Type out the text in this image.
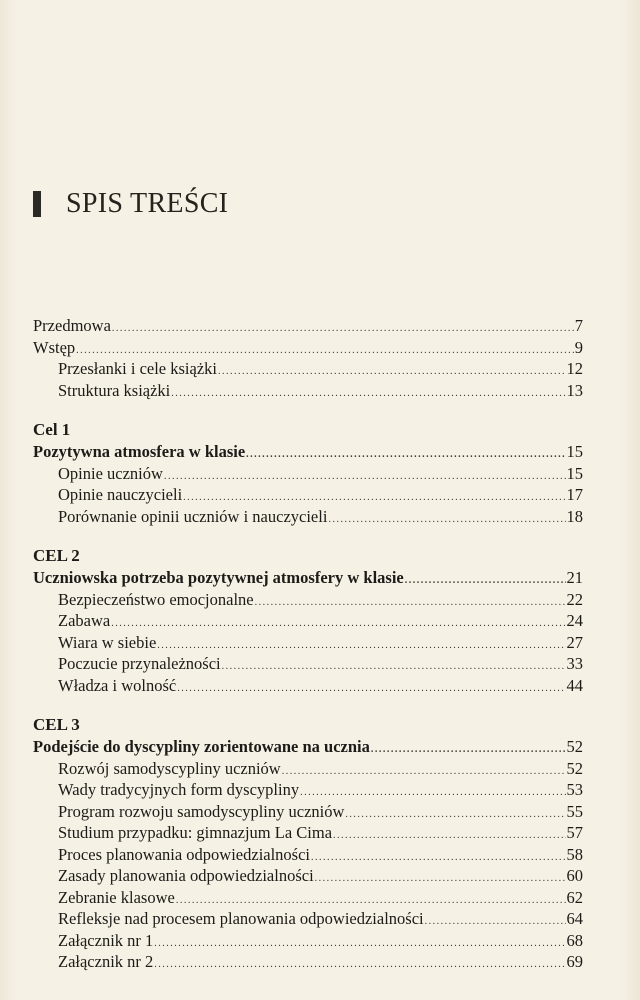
SPIS TREŚCI
Przedmowa .....	7
Wstęp .....	9
Przesłanki i cele książki .....	12
Struktura książki .....	13
Cel 1
Pozytywna atmosfera w klasie .....	15
Opinie uczniów .....	15
Opinie nauczycieli .....	17
Porównanie opinii uczniów i nauczycieli .....	18
CEL 2
Uczniowska potrzeba pozytywnej atmosfery w klasie .....	21
Bezpieczeństwo emocjonalne .....	22
Zabawa .....	24
Wiara w siebie .....	27
Poczucie przynależności .....	33
Władza i wolność .....	44
CEL 3
Podejście do dyscypliny zorientowane na ucznia .....	52
Rozwój samodyscypliny uczniów .....	52
Wady tradycyjnych form dyscypliny .....	53
Program rozwoju samodyscypliny uczniów .....	55
Studium przypadku: gimnazjum La Cima .....	57
Proces planowania odpowiedzialności .....	58
Zasady planowania odpowiedzialności .....	60
Zebranie klasowe .....	62
Refleksje nad procesem planowania odpowiedzialności .....	64
Załącznik nr 1 .....	68
Załącznik nr 2 .....	69
